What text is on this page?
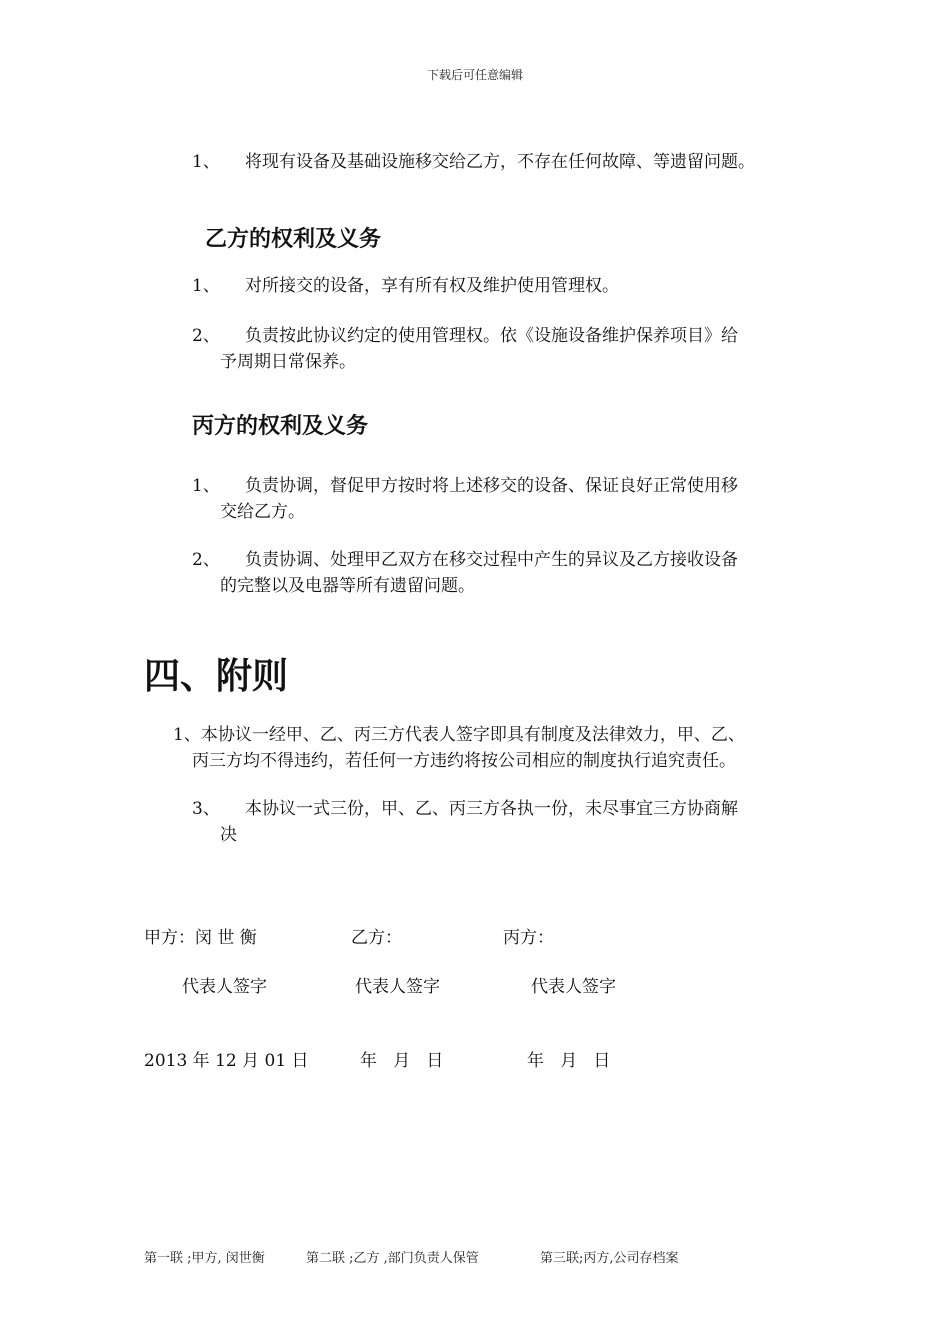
下载后可任意编辑
1、 将现有设备及基础设施移交给乙方，不存在任何故障、等遗留问题。
乙方的权利及义务
1、 对所接交的设备，享有所有权及维护使用管理权。
2、 负责按此协议约定的使用管理权。依《设施设备维护保养项目》给
予周期日常保养。
丙方的权利及义务
1、 负责协调，督促甲方按时将上述移交的设备、保证良好正常使用移
交给乙方。
2、 负责协调、处理甲乙双方在移交过程中产生的异议及乙方接收设备
的完整以及电器等所有遗留问题。
四、附则
1、本协议一经甲、乙、丙三方代表人签字即具有制度及法律效力，甲、乙、
丙三方均不得违约，若任何一方违约将按公司相应的制度执行追究责任。
3、 本协议一式三份，甲、乙、丙三方各执一份，未尽事宜三方协商解
决
甲方：闵 世 衡	乙方：	丙方：
代表人签字	代表人签字	代表人签字
2013 年 12 月 01 日	年   月   日	年   月   日
第一联 ;甲方, 闵世衡	第二联 ;乙方 ,部门负责人保管	第三联;丙方,公司存档案
